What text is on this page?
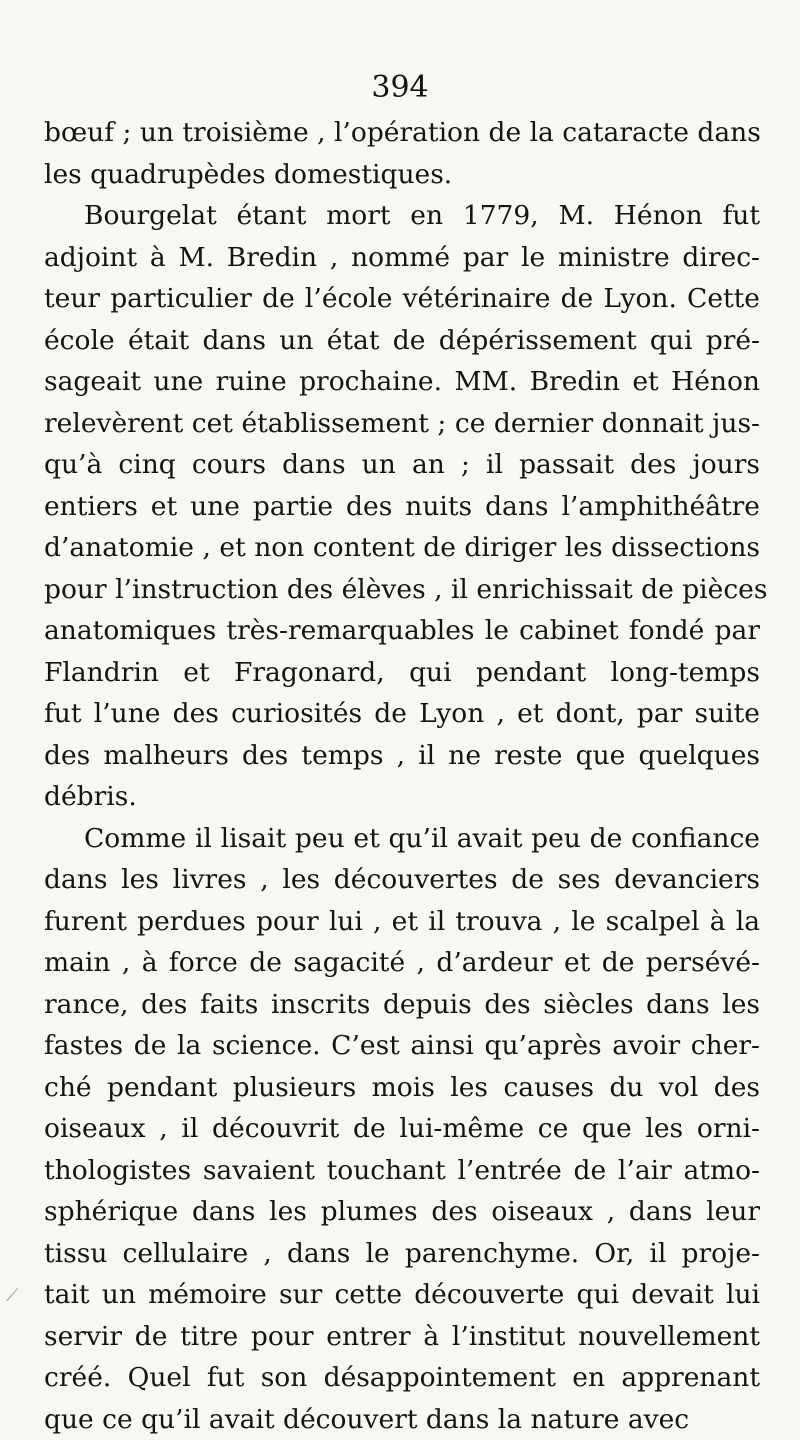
394
bœuf ; un troisième , l’opération de la cataracte dans
les quadrupèdes domestiques.
Bourgelat étant mort en 1779, M. Hénon fut
adjoint à M. Bredin , nommé par le ministre direc-
teur particulier de l’école vétérinaire de Lyon. Cette
école était dans un état de dépérissement qui pré-
sageait une ruine prochaine. MM. Bredin et Hénon
relevèrent cet établissement ; ce dernier donnait jus-
qu’à cinq cours dans un an ; il passait des jours
entiers et une partie des nuits dans l’amphithéâtre
d’anatomie , et non content de diriger les dissections
pour l’instruction des élèves , il enrichissait de pièces
anatomiques très-remarquables le cabinet fondé par
Flandrin et Fragonard, qui pendant long-temps
fut l’une des curiosités de Lyon , et dont, par suite
des malheurs des temps , il ne reste que quelques
débris.
Comme il lisait peu et qu’il avait peu de confiance
dans les livres , les découvertes de ses devanciers
furent perdues pour lui , et il trouva , le scalpel à la
main , à force de sagacité , d’ardeur et de persévé-
rance, des faits inscrits depuis des siècles dans les
fastes de la science. C’est ainsi qu’après avoir cher-
ché pendant plusieurs mois les causes du vol des
oiseaux , il découvrit de lui-même ce que les orni-
thologistes savaient touchant l’entrée de l’air atmo-
sphérique dans les plumes des oiseaux , dans leur
tissu cellulaire , dans le parenchyme. Or, il proje-
tait un mémoire sur cette découverte qui devait lui
servir de titre pour entrer à l’institut nouvellement
créé. Quel fut son désappointement en apprenant
que ce qu’il avait découvert dans la nature avec
⟋
